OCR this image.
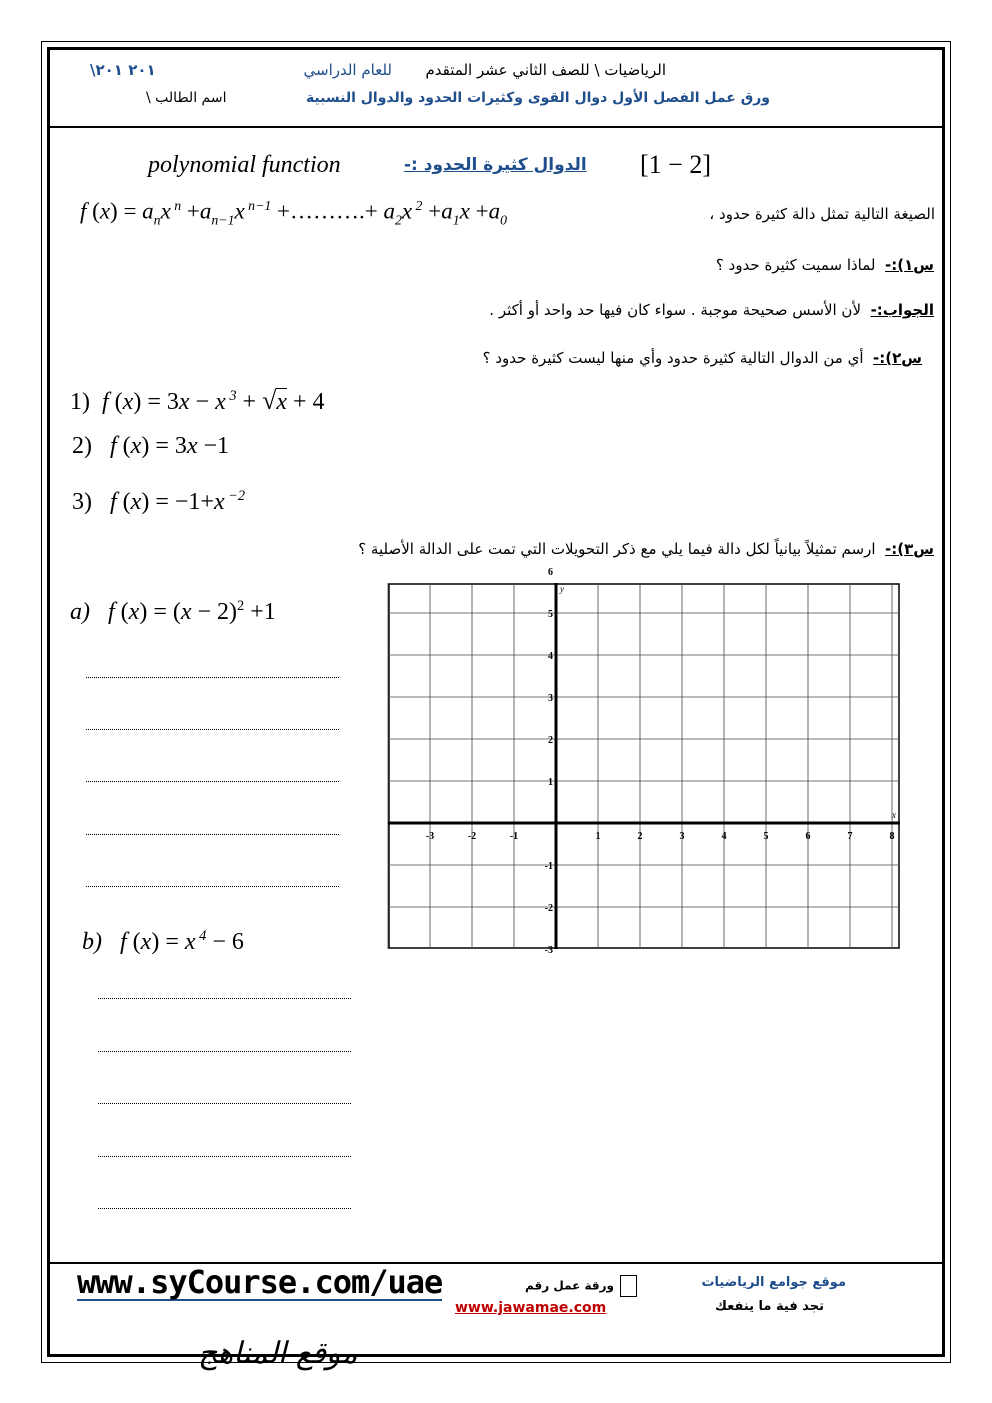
الرياضيات \ للصف الثاني عشر المتقدم
للعام الدراسي
٢٠١ ٢٠١\
ورق عمل الفصل الأول دوال القوى وكثيرات الحدود والدوال النسبية
اسم الطالب \
[1 − 2]
الدوال كثيرة الحدود :-
polynomial function
الصيغة التالية تمثل دالة كثيرة حدود ،
f $(x) = a_nx$ $^n +a_{n-1}x$ $^{n-1}$ +……….+ $a_2x$ $^2 +a_1x +a_0$
س١):-  لماذا سميت كثيرة حدود ؟
الجواب:-  لأن الأسس صحيحة موجبة . سواء كان فيها حد واحد أو أكثر .
س٢):-  أي من الدوال التالية كثيرة حدود وأي منها ليست كثيرة حدود ؟
1)  f (x) = 3x − x $^3$ + √x + 4
2)   f (x) = 3x −1
3)   f (x) = −1+x $^{-2}$
س٣):-  ارسم تمثيلاً بيانياً لكل دالة فيما يلي مع ذكر التحويلات التي تمت على الدالة الأصلية ؟
a)   f $(x) = (x - 2)^2 +1$
b)   f (x) = x $^4$ − 6
-3	-2	-1	1	2	3	4	5	6	7	8
6
5
4
3
2
1
-1
-2
-3
y
x
www.syCourse.com/uae	ورقة عمل رقم
www.jawamae.com
موقع جوامع الرياضيات
تجد فية ما ينفعك
موقع المناهج
